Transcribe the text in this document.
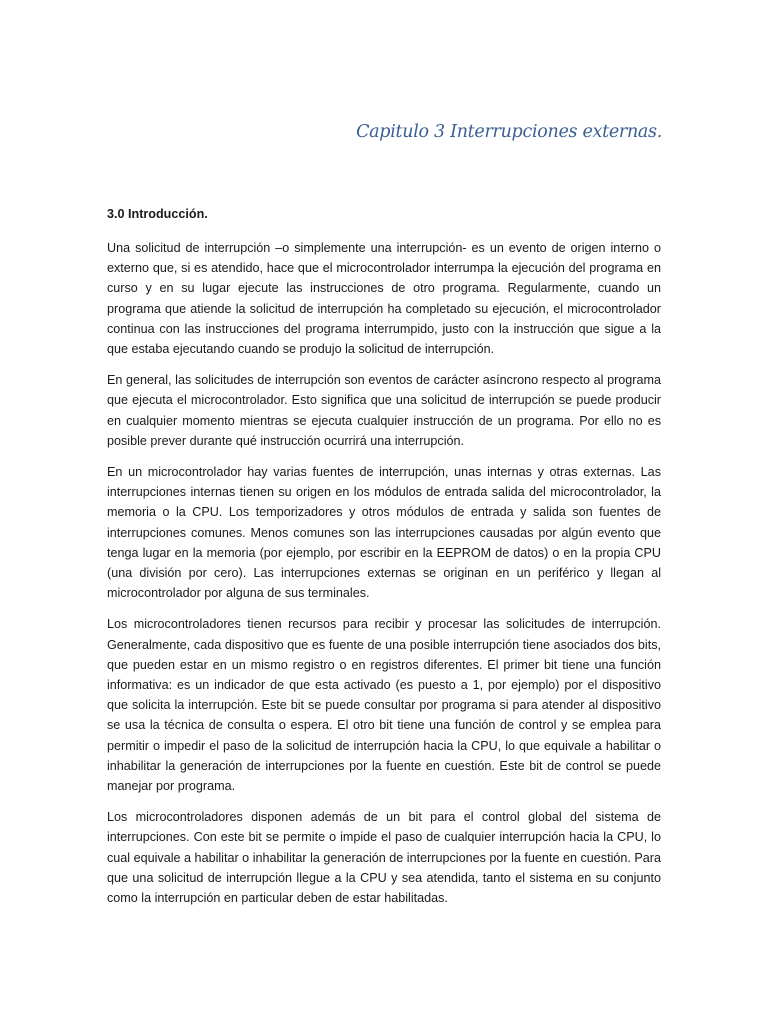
Capitulo 3 Interrupciones externas.
3.0 Introducción.

Una solicitud de interrupción –o simplemente una interrupción- es un evento de origen interno o externo que, si es atendido, hace que el microcontrolador interrumpa la ejecución del programa en curso y en su lugar ejecute las instrucciones de otro programa. Regularmente, cuando un programa que atiende la solicitud de interrupción ha completado su ejecución, el microcontrolador continua con las instrucciones del programa interrumpido, justo con la instrucción que sigue a la que estaba ejecutando cuando se produjo la solicitud de interrupción.

En general, las solicitudes de interrupción son eventos de carácter asíncrono respecto al programa que ejecuta el microcontrolador. Esto significa que una solicitud de interrupción se puede producir en cualquier momento mientras se ejecuta cualquier instrucción de un programa. Por ello no es posible prever durante qué instrucción ocurrirá una interrupción.

En un microcontrolador hay varias fuentes de interrupción, unas internas y otras externas. Las interrupciones internas tienen su origen en los módulos de entrada salida del microcontrolador, la memoria o la CPU. Los temporizadores y otros módulos de entrada y salida son fuentes de interrupciones comunes. Menos comunes son las interrupciones causadas por algún evento que tenga lugar en la memoria (por ejemplo, por escribir en la EEPROM de datos) o en la propia CPU (una división por cero). Las interrupciones externas se originan en un periférico y llegan al microcontrolador por alguna de sus terminales.

Los microcontroladores tienen recursos para recibir y procesar las solicitudes de interrupción. Generalmente, cada dispositivo que es fuente de una posible interrupción tiene asociados dos bits, que pueden estar en un mismo registro o en registros diferentes. El primer bit tiene una función informativa: es un indicador de que esta activado (es puesto a 1, por ejemplo) por el dispositivo que solicita la interrupción. Este bit se puede consultar por programa si para atender al dispositivo se usa la técnica de consulta o espera. El otro bit tiene una función de control y se emplea para permitir o impedir el paso de la solicitud de interrupción hacia la CPU, lo que equivale a habilitar o inhabilitar la generación de interrupciones por la fuente en cuestión. Este bit de control se puede manejar por programa.

Los microcontroladores disponen además de un bit para el control global del sistema de interrupciones. Con este bit se permite o impide el paso de cualquier interrupción hacia la CPU, lo cual equivale a habilitar o inhabilitar la generación de interrupciones por la fuente en cuestión. Para que una solicitud de interrupción llegue a la CPU y sea atendida, tanto el sistema en su conjunto como la interrupción en particular deben de estar habilitadas.
